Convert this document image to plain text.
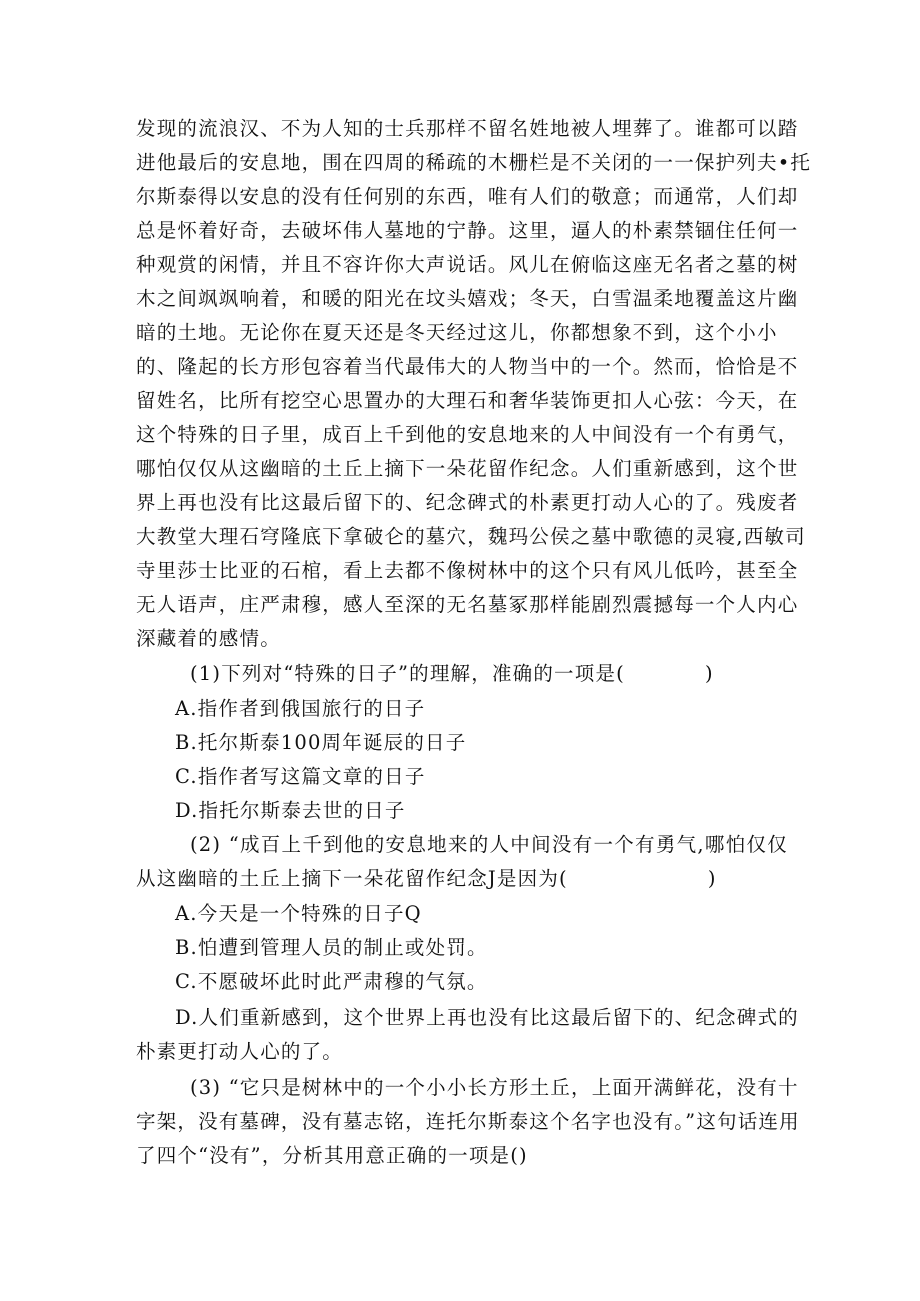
发现的流浪汉、不为人知的士兵那样不留名姓地被人埋葬了。谁都可以踏
进他最后的安息地，围在四周的稀疏的木栅栏是不关闭的一一保护列夫•托
尔斯泰得以安息的没有任何别的东西，唯有人们的敬意；而通常，人们却
总是怀着好奇，去破坏伟人墓地的宁静。这里，逼人的朴素禁锢住任何一
种观赏的闲情，并且不容许你大声说话。风儿在俯临这座无名者之墓的树
木之间飒飒响着，和暖的阳光在坟头嬉戏；冬天，白雪温柔地覆盖这片幽
暗的土地。无论你在夏天还是冬天经过这儿，你都想象不到，这个小小
的、隆起的长方形包容着当代最伟大的人物当中的一个。然而，恰恰是不
留姓名，比所有挖空心思置办的大理石和奢华装饰更扣人心弦：今天，在
这个特殊的日子里，成百上千到他的安息地来的人中间没有一个有勇气，
哪怕仅仅从这幽暗的土丘上摘下一朵花留作纪念。人们重新感到，这个世
界上再也没有比这最后留下的、纪念碑式的朴素更打动人心的了。残废者
大教堂大理石穹隆底下拿破仑的墓穴，魏玛公侯之墓中歌德的灵寝,西敏司
寺里莎士比亚的石棺，看上去都不像树林中的这个只有风儿低吟，甚至全
无人语声，庄严肃穆，感人至深的无名墓冢那样能剧烈震撼每一个人内心
深藏着的感情。
(1)下列对“特殊的日子”的理解，准确的一项是(	)
A.指作者到俄国旅行的日子
B.托尔斯泰100周年诞辰的日子
C.指作者写这篇文章的日子
D.指托尔斯泰去世的日子
(2) “成百上千到他的安息地来的人中间没有一个有勇气,哪怕仅仅
从这幽暗的土丘上摘下一朵花留作纪念J是因为(	)
A.今天是一个特殊的日子Q
B.怕遭到管理人员的制止或处罚。
C.不愿破坏此时此严肃穆的气氛。
D.人们重新感到，这个世界上再也没有比这最后留下的、纪念碑式的
朴素更打动人心的了。
(3) “它只是树林中的一个小小长方形土丘，上面开满鲜花，没有十
字架，没有墓碑，没有墓志铭，连托尔斯泰这个名字也没有。”这句话连用
了四个“没有”，分析其用意正确的一项是()
